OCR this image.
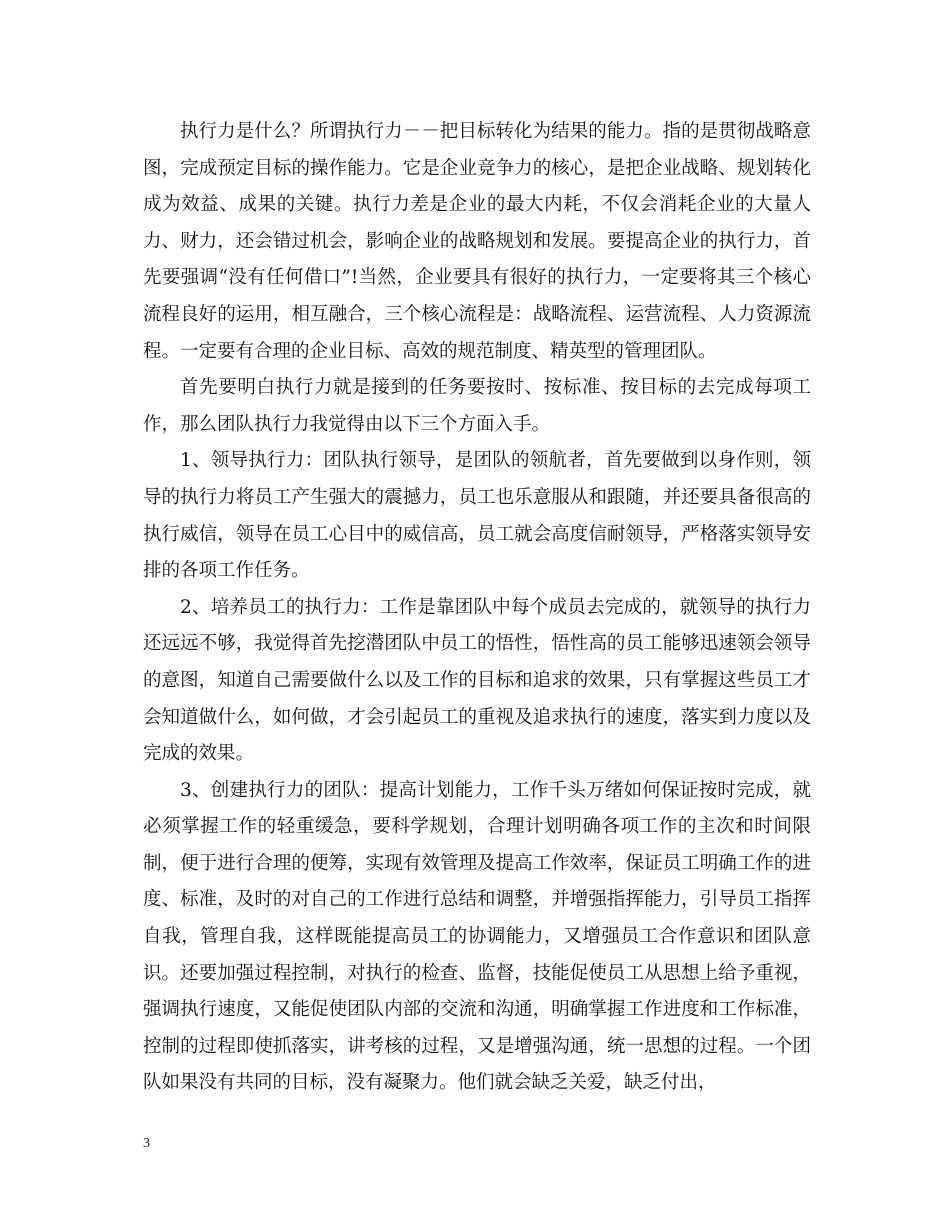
执行力是什么？所谓执行力－－把目标转化为结果的能力。指的是贯彻战略意图，完成预定目标的操作能力。它是企业竞争力的核心，是把企业战略、规划转化成为效益、成果的关键。执行力差是企业的最大内耗，不仅会消耗企业的大量人力、财力，还会错过机会，影响企业的战略规划和发展。要提高企业的执行力，首先要强调“没有任何借口”!当然，企业要具有很好的执行力，一定要将其三个核心流程良好的运用，相互融合，三个核心流程是：战略流程、运营流程、人力资源流程。一定要有合理的企业目标、高效的规范制度、精英型的管理团队。

首先要明白执行力就是接到的任务要按时、按标准、按目标的去完成每项工作，那么团队执行力我觉得由以下三个方面入手。

1、领导执行力：团队执行领导，是团队的领航者，首先要做到以身作则，领导的执行力将员工产生强大的震撼力，员工也乐意服从和跟随，并还要具备很高的执行威信，领导在员工心目中的威信高，员工就会高度信耐领导，严格落实领导安排的各项工作任务。

2、培养员工的执行力：工作是靠团队中每个成员去完成的，就领导的执行力还远远不够，我觉得首先挖潜团队中员工的悟性，悟性高的员工能够迅速领会领导的意图，知道自己需要做什么以及工作的目标和追求的效果，只有掌握这些员工才会知道做什么，如何做，才会引起员工的重视及追求执行的速度，落实到力度以及完成的效果。

3、创建执行力的团队：提高计划能力，工作千头万绪如何保证按时完成，就必须掌握工作的轻重缓急，要科学规划，合理计划明确各项工作的主次和时间限制，便于进行合理的便筹，实现有效管理及提高工作效率，保证员工明确工作的进度、标准，及时的对自己的工作进行总结和调整，并增强指挥能力，引导员工指挥自我，管理自我，这样既能提高员工的协调能力，又增强员工合作意识和团队意识。还要加强过程控制，对执行的检查、监督，技能促使员工从思想上给予重视，强调执行速度，又能促使团队内部的交流和沟通，明确掌握工作进度和工作标准，控制的过程即使抓落实，讲考核的过程，又是增强沟通，统一思想的过程。一个团队如果没有共同的目标，没有凝聚力。他们就会缺乏关爱，缺乏付出，

3
